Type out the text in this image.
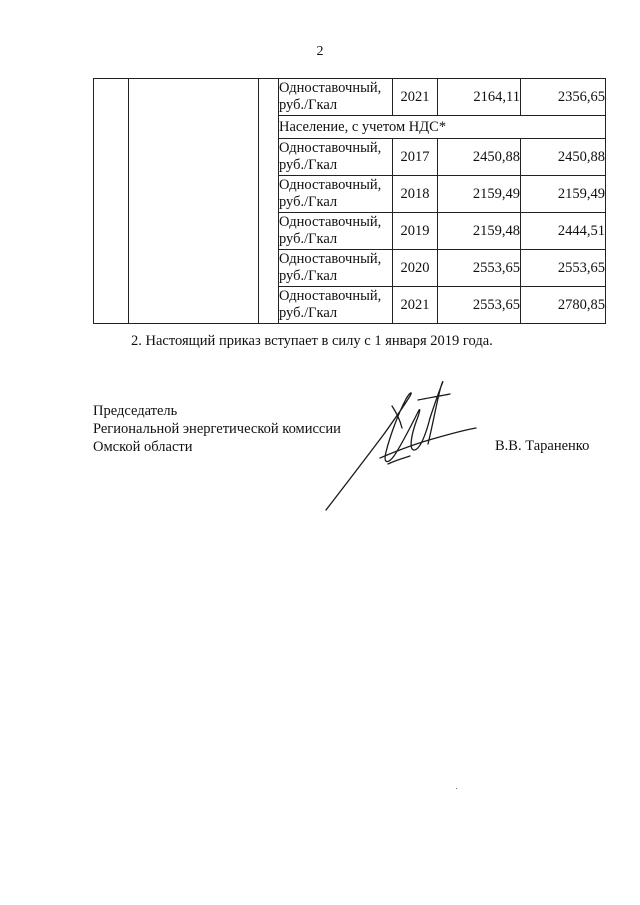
2
			Одноставочный,
руб./Гкал	2021	2164,11	2356,65
			Население, с учетом НДС*			
			Одноставочный,
руб./Гкал	2017	2450,88	2450,88
			Одноставочный,
руб./Гкал	2018	2159,49	2159,49
			Одноставочный,
руб./Гкал	2019	2159,48	2444,51
			Одноставочный,
руб./Гкал	2020	2553,65	2553,65
			Одноставочный,
руб./Гкал	2021	2553,65	2780,85
2. Настоящий приказ вступает в силу с 1 января 2019 года.
Председатель
Региональной энергетической комиссии
Омской области	В.В. Тараненко
